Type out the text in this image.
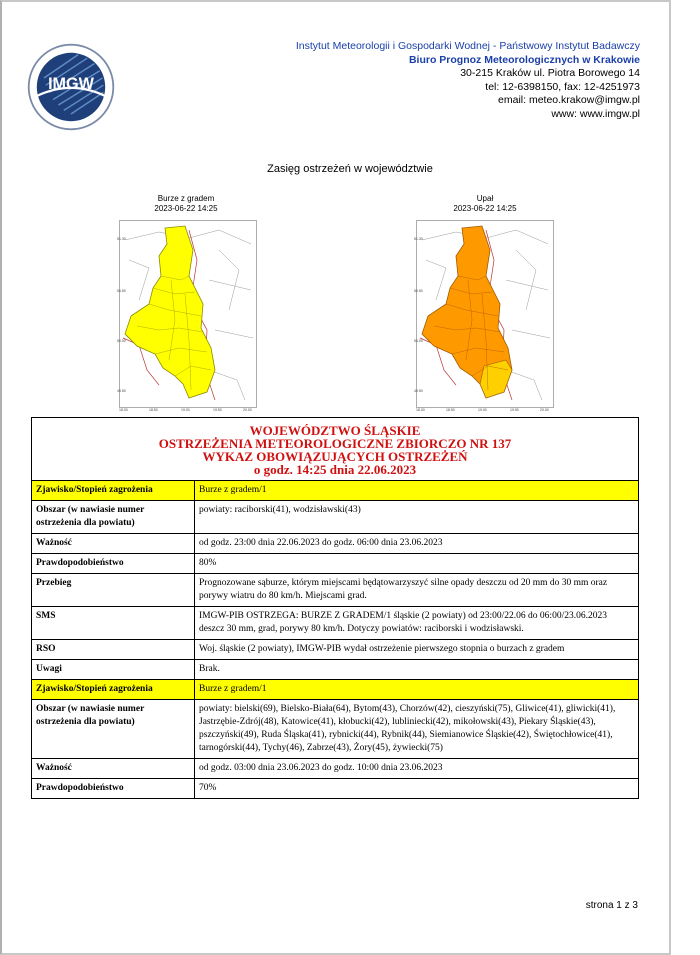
IMGW
Instytut Meteorologii i Gospodarki Wodnej - Państwowy Instytut Badawczy
Biuro Prognoz Meteorologicznych w Krakowie
30-215 Kraków ul. Piotra Borowego 14
tel: 12-6398150, fax: 12-4251973
email: meteo.krakow@imgw.pl
www: www.imgw.pl
Zasięg ostrzeżeń w województwie
Burze z gradem
2023-06-22 14:25
51.30
50.50
50.00
49.50
18.00	18.50	19.00	19.50	20.00
Upał
2023-06-22 14:25
51.30
50.50
50.00
49.50
18.00	18.50	19.00	19.50	20.00
WOJEWÓDZTWO ŚLĄSKIE
OSTRZEŻENIA METEOROLOGICZNE ZBIORCZO NR 137
WYKAZ OBOWIĄZUJĄCYCH OSTRZEŻEŃ
o godz. 14:25 dnia 22.06.2023	

Zjawisko/Stopień zagrożenia	Burze z gradem/1
Obszar (w nawiasie numer ostrzeżenia dla powiatu)	powiaty: raciborski(41), wodzisławski(43)
Ważność	od godz. 23:00 dnia 22.06.2023 do godz. 06:00 dnia 23.06.2023
Prawdopodobieństwo	80%
Przebieg	Prognozowane sąburze, którym miejscami będątowarzyszyć silne opady deszczu od 20 mm do 30 mm oraz porywy wiatru do 80 km/h. Miejscami grad.
SMS	IMGW-PIB OSTRZEGA: BURZE Z GRADEM/1 śląskie (2 powiaty) od 23:00/22.06 do 06:00/23.06.2023 deszcz 30 mm, grad, porywy 80 km/h. Dotyczy powiatów: raciborski i wodzisławski.
RSO	Woj. śląskie (2 powiaty), IMGW-PIB wydał ostrzeżenie pierwszego stopnia o burzach z gradem
Uwagi	Brak.
Zjawisko/Stopień zagrożenia	Burze z gradem/1
Obszar (w nawiasie numer ostrzeżenia dla powiatu)	powiaty: bielski(69), Bielsko-Biała(64), Bytom(43), Chorzów(42), cieszyński(75), Gliwice(41), gliwicki(41), Jastrzębie-Zdrój(48), Katowice(41), kłobucki(42), lubliniecki(42), mikołowski(43), Piekary Śląskie(43), pszczyński(49), Ruda Śląska(41), rybnicki(44), Rybnik(44), Siemianowice Śląskie(42), Świętochłowice(41), tarnogórski(44), Tychy(46), Zabrze(43), Żory(45), żywiecki(75)
Ważność	od godz. 03:00 dnia 23.06.2023 do godz. 10:00 dnia 23.06.2023
Prawdopodobieństwo	70%
strona 1 z 3
